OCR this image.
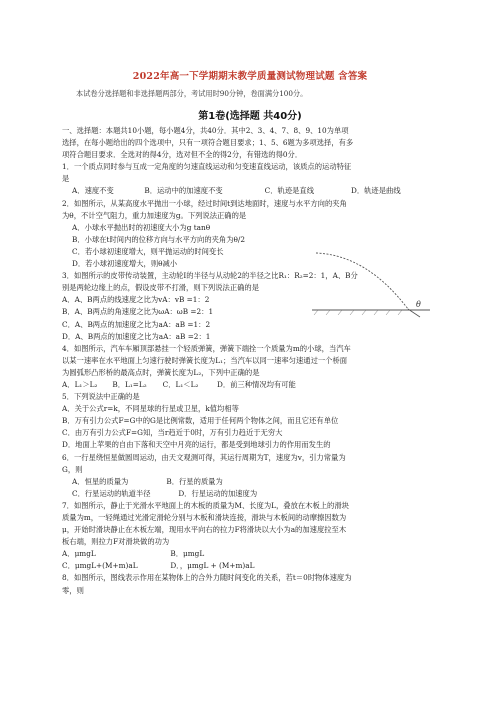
2022年高一下学期期末教学质量测试物理试题 含答案
本试卷分选择题和非选择题两部分，考试用时90分钟，卷面满分100分。
第1卷(选择题 共40分)
一、选择题：本题共10小题，每小题4分，共40分．其中2、3、4、7、8、9、10为单项
选择，在每小题给出的四个选项中，只有一项符合题目要求；1、5、6题为多项选择，有多
项符合题目要求．全选对的得4分，选对但不全的得2分，有错选的得0分．
1．一个质点同时参与互成一定角度的匀速直线运动和匀变速直线运动，该质点的运动特征
是
A．速度不变	B．运动中的加速度不变	C．轨迹是直线	D．轨迹是曲线
2．如图所示，从某高度水平抛出一小球，经过时间t到达地面时，速度与水平方向的夹角
为θ，不计空气阻力，重力加速度为g。下列说法正确的是
A．小球水平抛出时的初速度大小为g tanθ
B．小球在t时间内的位移方向与水平方向的夹角为θ/2
C．若小球初速度增大，则平抛运动的时间变长
D．若小球初速度增大，则θ减小
3．如图所示的皮带传动装置，主动轮Ⅰ的半径与从动轮2的半径之比R₁：R₂=2：1，A、B分
别是两轮边缘上的点，假设皮带不打滑，则下列说法正确的是
A．A、B两点的线速度之比为vA：vB =1：2
B．A、B两点的角速度之比为ωA：ωB =2：1
C．A、B两点的加速度之比为aA：aB =1：2
D．A、B两点的加速度之比为aA：aB =2：1
4．如图所示，汽车车厢顶部悬挂一个轻质弹簧，弹簧下端拴一个质量为m的小球，当汽车
以某一速率在水平地面上匀速行驶时弹簧长度为L₁；当汽车以同一速率匀速通过一个桥面
为圆弧形凸形桥的最高点时，弹簧长度为L₂，下列中正确的是
A．L₁＞L₂ B．L₁=L₂ C．L₁＜L₂	D．前三种情况均有可能
5．下列说法中正确的是
A．关于公式r=k，不同星球的行星或卫星，k值均相等
B．万有引力公式F=G中的G是比例常数，适用于任何两个物体之间，而且它还有单位
C．由万有引力公式F=G知，当r趋近于0时，万有引力趋近于无穷大
D．地面上苹果的自由下落和天空中月亮的运行，都是受到地球引力的作用而发生的
6．一行星绕恒星做圆周运动，由天文观测可得，其运行周期为T，速度为v，引力常量为
G，则
A．恒星的质量为	B．行星的质量为
C．行星运动的轨道半径	D．行星运动的加速度为
7．如图所示，静止于光滑水平地面上的木板的质量为M、长度为L，叠放在木板上的滑块
质量为m，一轻绳通过光滑定滑轮分别与木板和滑块连接，滑块与木板间的动摩擦因数为
μ，开始时滑块静止在木板左端，现用水平向右的拉力F将滑块以大小为a的加速度拉至木
板右端，则拉力F对滑块做的功为
A．μmgL	B．μmgL
C．μmgL+(M+m)aL	D．，μmgL + (M+m)aL
8．如图所示，图线表示作用在某物体上的合外力随时间变化的关系，若t＝0时物体速度为
零，则
θ
